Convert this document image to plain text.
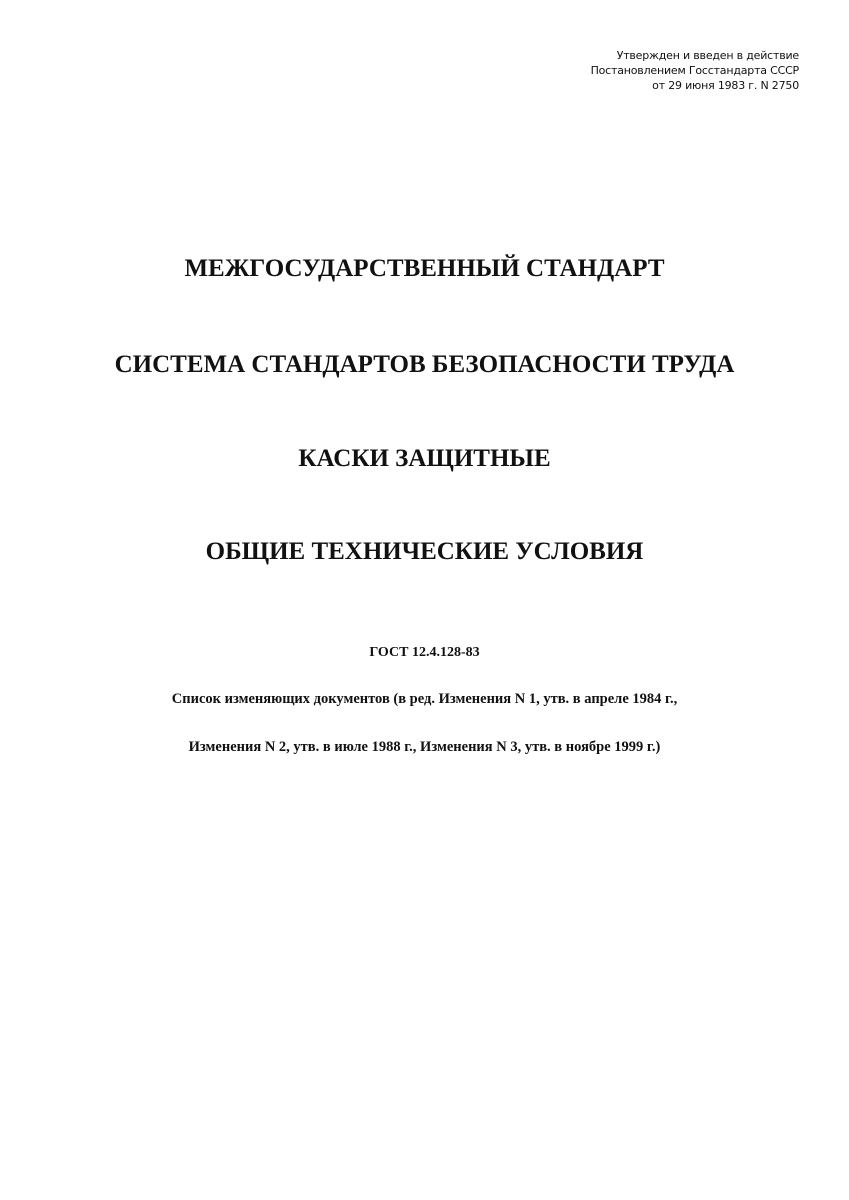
Утвержден и введен в действие
Постановлением Госстандарта СССР
от 29 июня 1983 г. N 2750
МЕЖГОСУДАРСТВЕННЫЙ СТАНДАРТ
СИСТЕМА СТАНДАРТОВ БЕЗОПАСНОСТИ ТРУДА
КАСКИ ЗАЩИТНЫЕ
ОБЩИЕ ТЕХНИЧЕСКИЕ УСЛОВИЯ
ГОСТ 12.4.128-83
Список изменяющих документов (в ред. Изменения N 1, утв. в апреле 1984 г.,
Изменения N 2, утв. в июле 1988 г., Изменения N 3, утв. в ноябре 1999 г.)
